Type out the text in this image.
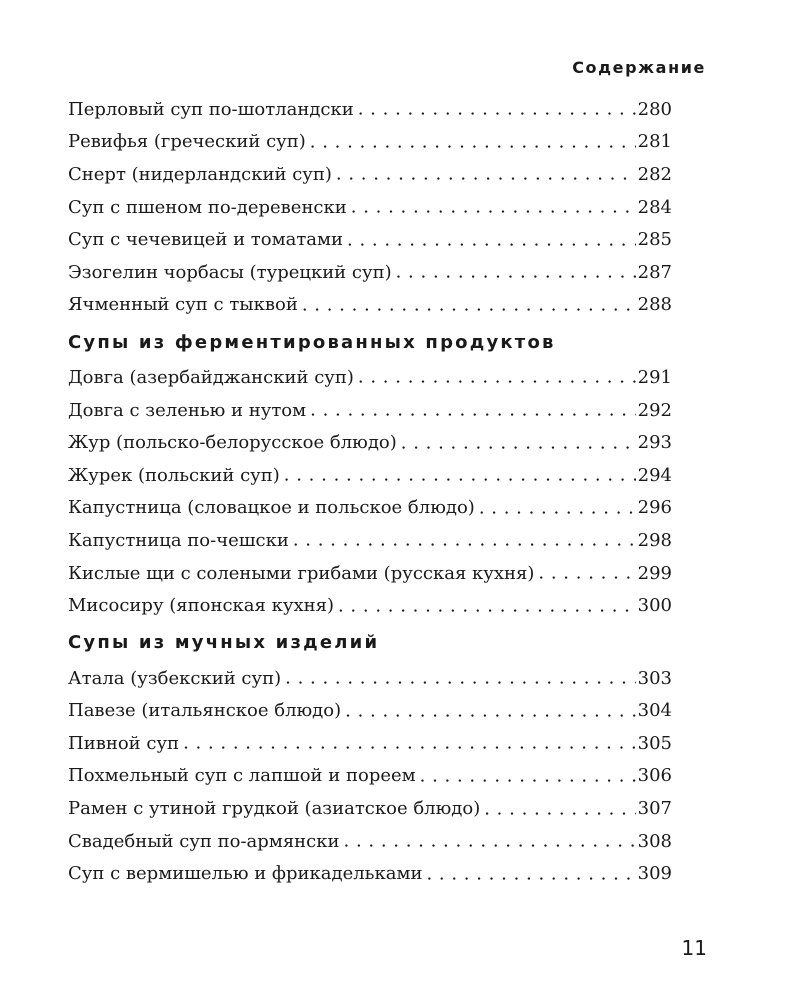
Содержание
Перловый суп по-шотландски . . .	280
Ревифья (греческий суп) . . .	281
Снерт (нидерландский суп) . . .	282
Суп с пшеном по-деревенски . . .	284
Суп с чечевицей и томатами . . .	285
Эзогелин чорбасы (турецкий суп) . . .	287
Ячменный суп с тыквой . . .	288
Супы из ферментированных продуктов
Довга (азербайджанский суп) . . .	291
Довга с зеленью и нутом . . .	292
Жур (польско-белорусское блюдо) . . .	293
Журек (польский суп) . . .	294
Капустница (словацкое и польское блюдо) . . .	296
Капустница по-чешски . . .	298
Кислые щи с солеными грибами (русская кухня) . . .	299
Мисосиру (японская кухня) . . .	300
Супы из мучных изделий
Атала (узбекский суп) . . .	303
Павезе (итальянское блюдо) . . .	304
Пивной суп . . .	305
Похмельный суп с лапшой и пореем . . .	306
Рамен с утиной грудкой (азиатское блюдо) . . .	307
Свадебный суп по-армянски . . .	308
Суп с вермишелью и фрикадельками . . .	309
11
